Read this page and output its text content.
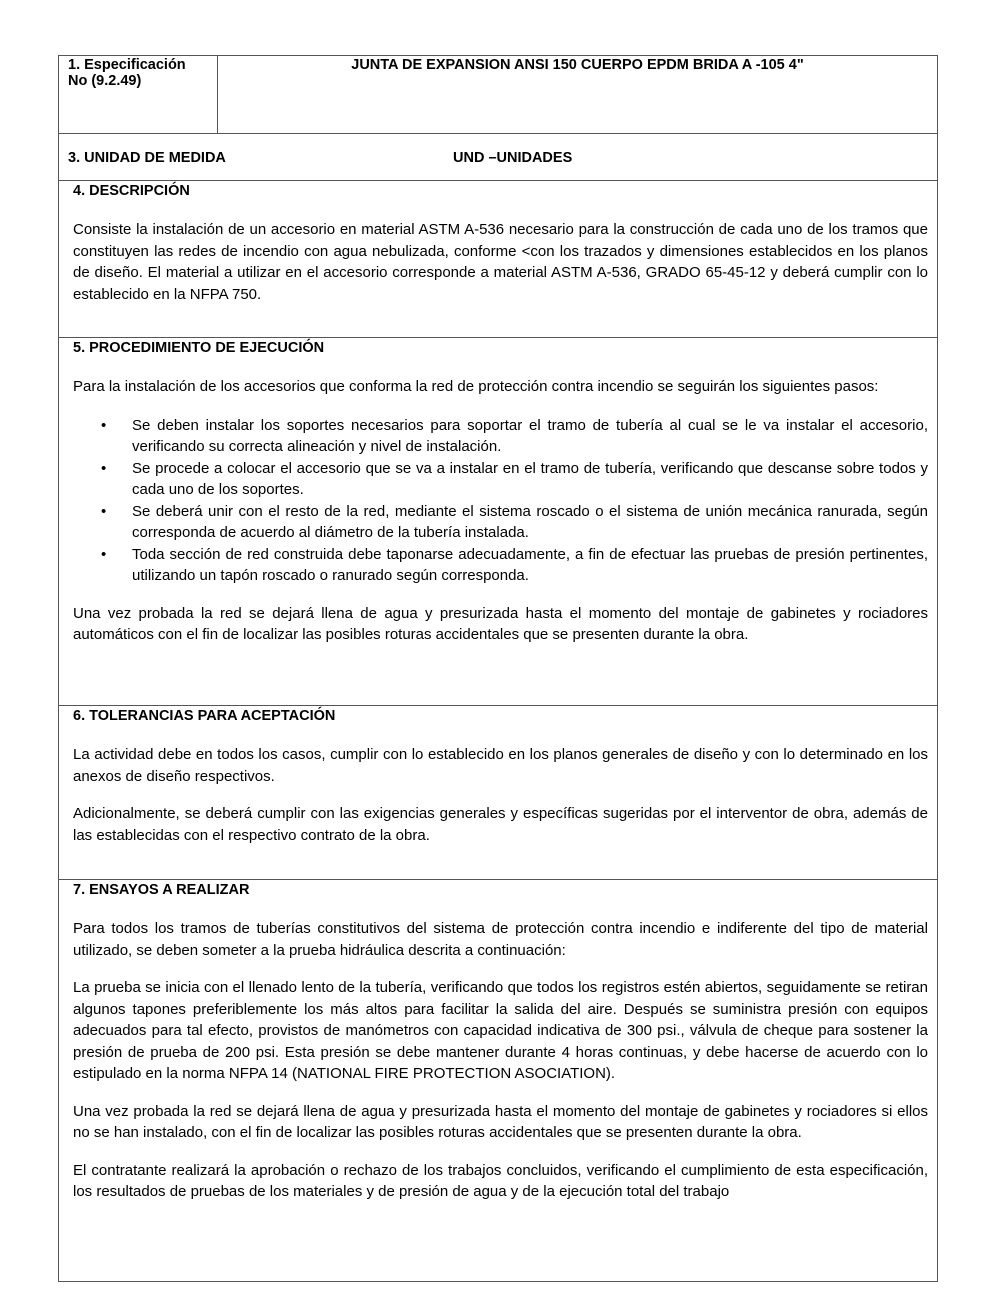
1. Especificación
No (9.2.49)
JUNTA DE EXPANSION ANSI 150 CUERPO EPDM BRIDA A -105 4"
3. UNIDAD DE MEDIDA	UND –UNIDADES
4. DESCRIPCIÓN

Consiste la instalación de un accesorio en material ASTM A-536 necesario para la construcción de cada uno de los tramos que constituyen las redes de incendio con agua nebulizada, conforme <con los trazados y dimensiones establecidos en los planos de diseño. El material a utilizar en el accesorio corresponde a material ASTM A-536, GRADO 65-45-12 y deberá cumplir con lo establecido en la NFPA 750.

5. PROCEDIMIENTO DE EJECUCIÓN

Para la instalación de los accesorios que conforma la red de protección contra incendio se seguirán los siguientes pasos:

• Se deben instalar los soportes necesarios para soportar el tramo de tubería al cual se le va instalar el accesorio, verificando su correcta alineación y nivel de instalación.
• Se procede a colocar el accesorio que se va a instalar en el tramo de tubería, verificando que descanse sobre todos y cada uno de los soportes.
• Se deberá unir con el resto de la red, mediante el sistema roscado o el sistema de unión mecánica ranurada, según corresponda de acuerdo al diámetro de la tubería instalada.
• Toda sección de red construida debe taponarse adecuadamente, a fin de efectuar las pruebas de presión pertinentes, utilizando un tapón roscado o ranurado según corresponda.

Una vez probada la red se dejará llena de agua y presurizada hasta el momento del montaje de gabinetes y rociadores automáticos con el fin de localizar las posibles roturas accidentales que se presenten durante la obra.

6. TOLERANCIAS PARA ACEPTACIÓN

La actividad debe en todos los casos, cumplir con lo establecido en los planos generales de diseño y con lo determinado en los anexos de diseño respectivos.

Adicionalmente, se deberá cumplir con las exigencias generales y específicas sugeridas por el interventor de obra, además de las establecidas con el respectivo contrato de la obra.

7. ENSAYOS A REALIZAR

Para todos los tramos de tuberías constitutivos del sistema de protección contra incendio e indiferente del tipo de material utilizado, se deben someter a la prueba hidráulica descrita a continuación:

La prueba se inicia con el llenado lento de la tubería, verificando que todos los registros estén abiertos, seguidamente se retiran algunos tapones preferiblemente los más altos para facilitar la salida del aire. Después se suministra presión con equipos adecuados para tal efecto, provistos de manómetros con capacidad indicativa de 300 psi., válvula de cheque para sostener la presión de prueba de 200 psi. Esta presión se debe mantener durante 4 horas continuas, y debe hacerse de acuerdo con lo estipulado en la norma NFPA 14 (NATIONAL FIRE PROTECTION ASOCIATION).

Una vez probada la red se dejará llena de agua y presurizada hasta el momento del montaje de gabinetes y rociadores si ellos no se han instalado, con el fin de localizar las posibles roturas accidentales que se presenten durante la obra.

El contratante realizará la aprobación o rechazo de los trabajos concluidos, verificando el cumplimiento de esta especificación, los resultados de pruebas de los materiales y de presión de agua y de la ejecución total del trabajo
